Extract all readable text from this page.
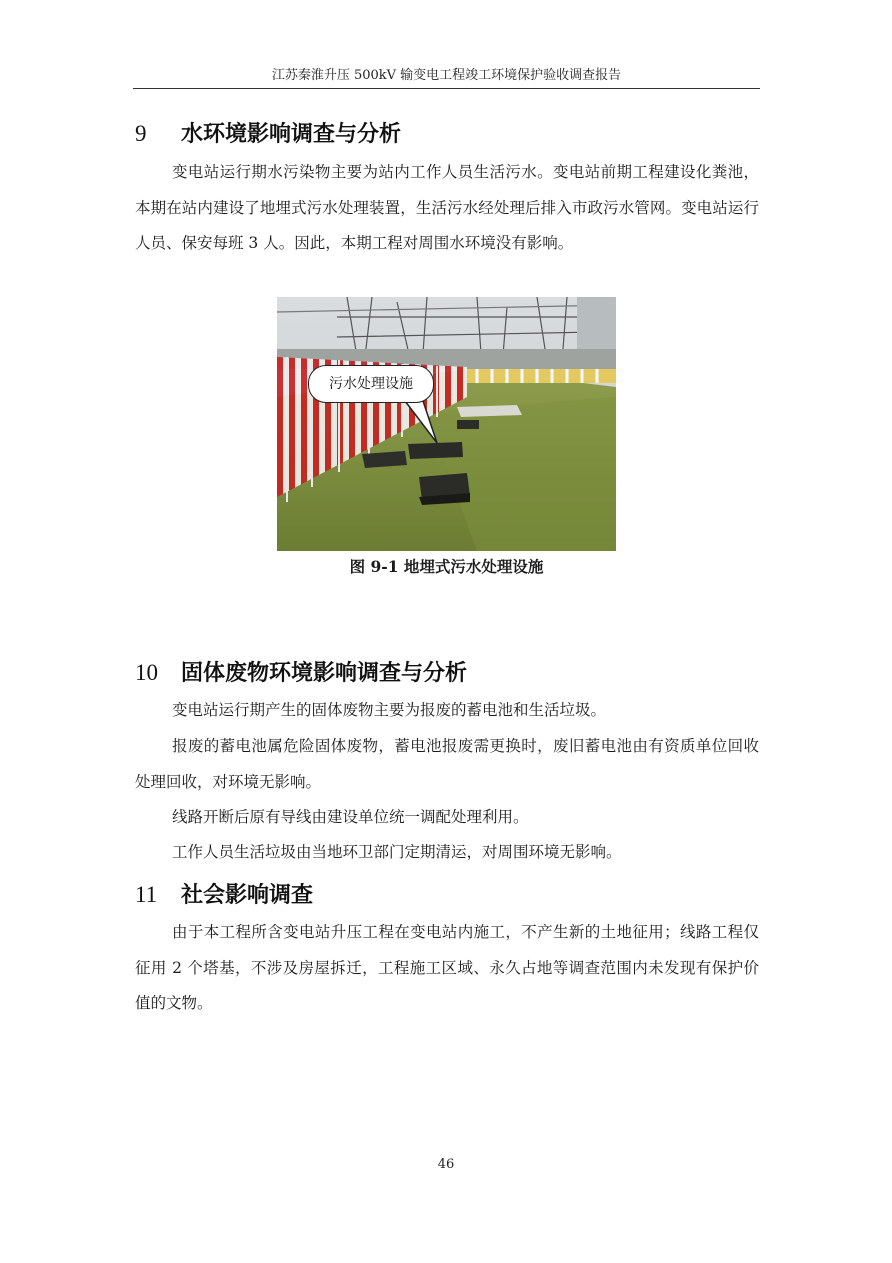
江苏秦淮升压 500kV 输变电工程竣工环境保护验收调查报告
9 水环境影响调查与分析

变电站运行期水污染物主要为站内工作人员生活污水。变电站前期工程建设化粪池，本期在站内建设了地埋式污水处理装置，生活污水经处理后排入市政污水管网。变电站运行人员、保安每班 3 人。因此，本期工程对周围水环境没有影响。

污水处理设施
图 9-1 地埋式污水处理设施
10 固体废物环境影响调查与分析

变电站运行期产生的固体废物主要为报废的蓄电池和生活垃圾。

报废的蓄电池属危险固体废物，蓄电池报废需更换时，废旧蓄电池由有资质单位回收处理回收，对环境无影响。

线路开断后原有导线由建设单位统一调配处理利用。

工作人员生活垃圾由当地环卫部门定期清运，对周围环境无影响。

11 社会影响调查

由于本工程所含变电站升压工程在变电站内施工，不产生新的土地征用；线路工程仅征用 2 个塔基，不涉及房屋拆迁，工程施工区域、永久占地等调查范围内未发现有保护价值的文物。

46
